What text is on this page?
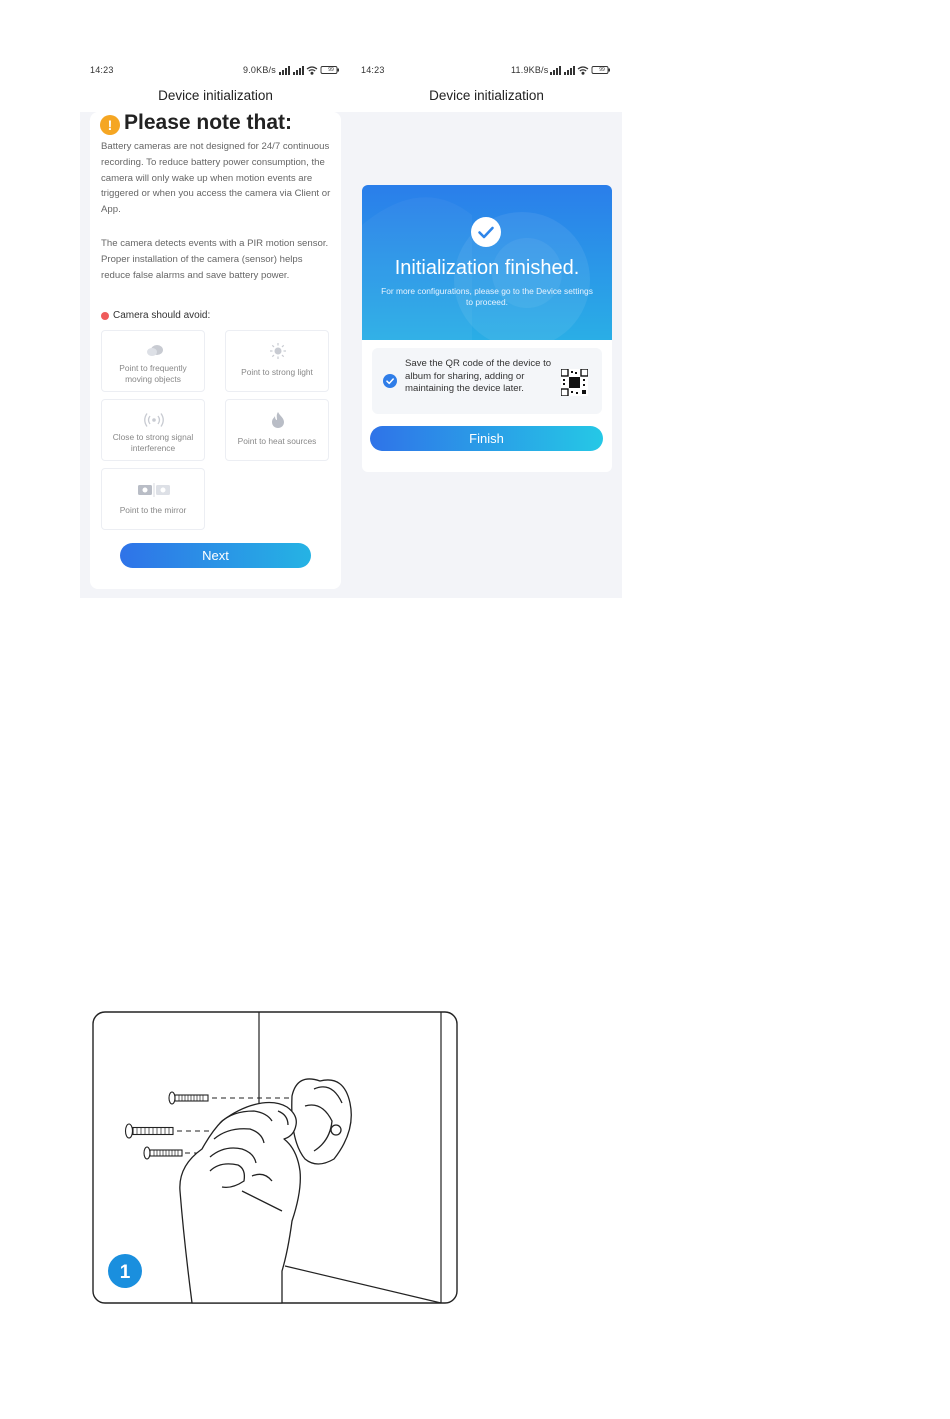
14:23	9.0KB/s	99	14:23	11.9KB/s	99
Device initialization	Device initialization
! Please note that:
Battery cameras are not designed for 24/7 continuous recording. To reduce battery power consumption, the camera will only wake up when motion events are triggered or when you access the camera via Client or App.
The camera detects events with a PIR motion sensor. Proper installation of the camera (sensor) helps reduce false alarms and save battery power.
Camera should avoid:
Point to frequently moving objects
Point to strong light
Close to strong signal interference
Point to heat sources
Point to the mirror
Next
Initialization finished.
For more configurations, please go to the Device settings to proceed.
Save the QR code of the device to album for sharing, adding or maintaining the device later.
Finish
1
